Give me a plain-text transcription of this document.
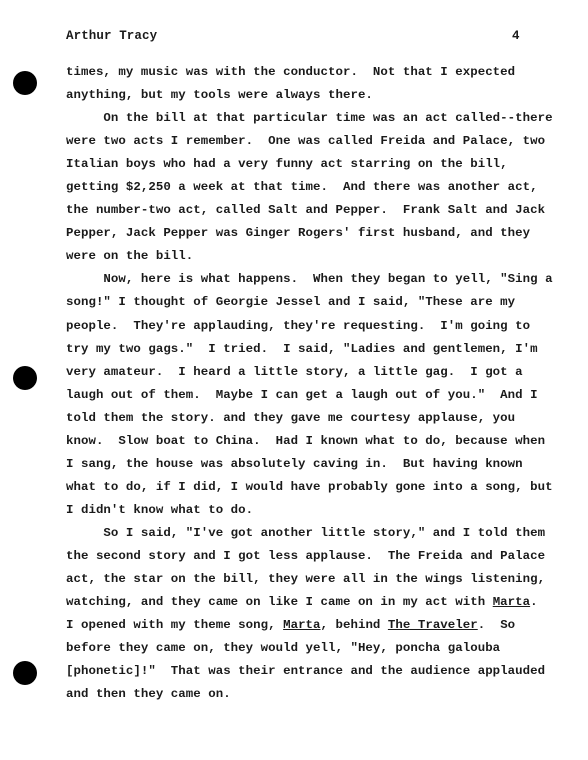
Arthur Tracy	4
times, my music was with the conductor.  Not that I expected
anything, but my tools were always there.
On the bill at that particular time was an act called--there
were two acts I remember.  One was called Freida and Palace, two
Italian boys who had a very funny act starring on the bill,
getting $2,250 a week at that time.  And there was another act,
the number-two act, called Salt and Pepper.  Frank Salt and Jack
Pepper, Jack Pepper was Ginger Rogers' first husband, and they
were on the bill.
Now, here is what happens.  When they began to yell, "Sing a
song!" I thought of Georgie Jessel and I said, "These are my
people.  They're applauding, they're requesting.  I'm going to
try my two gags."  I tried.  I said, "Ladies and gentlemen, I'm
very amateur.  I heard a little story, a little gag.  I got a
laugh out of them.  Maybe I can get a laugh out of you."  And I
told them the story. and they gave me courtesy applause, you
know.  Slow boat to China.  Had I known what to do, because when
I sang, the house was absolutely caving in.  But having known
what to do, if I did, I would have probably gone into a song, but
I didn't know what to do.
So I said, "I've got another little story," and I told them
the second story and I got less applause.  The Freida and Palace
act, the star on the bill, they were all in the wings listening,
watching, and they came on like I came on in my act with Marta.
I opened with my theme song, Marta, behind The Traveler.  So
before they came on, they would yell, "Hey, poncha galouba
[phonetic]!"  That was their entrance and the audience applauded
and then they came on.
